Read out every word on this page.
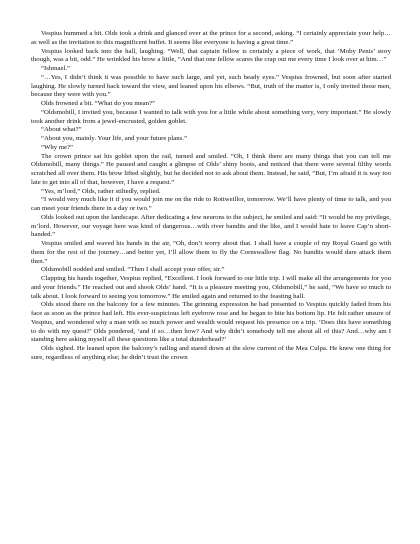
Vespius hummed a bit. Olds took a drink and glanced over at the prince for a second, asking. “I certainly appreciate your help…as well as the invitation to this magnificent buffet. It seems like everyone is having a great time.”

Vespius looked back into the hall, laughing. “Well, that captain fellow is certainly a piece of work, that ‘Moby Penis’ story though, was a bit, odd.” He wrinkled his brow a little, “And that one fellow scares the crap out me every time I look over at him…”

“Ishmael.”

“…Yes, I didn’t think it was possible to have such large, and yet, such beady eyes.” Vespius frowned, but soon after started laughing. He slowly turned back toward the view, and leaned upon his elbows. “But, truth of the matter is, I only invited those men, because they were with you.”

Olds frowned a bit. “What do you mean?”

“Oldsmobill, I invited you, because I wanted to talk with you for a little while about something very, very important.” He slowly took another drink from a jewel-encrusted, golden goblet.

“About what?”

“About you, mainly. Your life, and your future plans.”

“Why me?”

The crown prince sat his goblet upon the rail, turned and smiled. “Oh, I think there are many things that you can tell me Oldsmobill, many things.” He paused and caught a glimpse of Olds’ shiny boots, and noticed that there were several filthy words scratched all over them. His brow lifted slightly, but he decided not to ask about them. Instead, he said, “But, I’m afraid it is way too late to get into all of that, however, I have a request.”

“Yes, m’lord,” Olds, rather stiltedly, replied.

“I would very much like it if you would join me on the ride to Rottweillor, tomorrow. We’ll have plenty of time to talk, and you can meet your friends there in a day or two.”

Olds looked out upon the landscape. After dedicating a few neurons to the subject, he smiled and said: “It would be my privilege, m’lord. However, our voyage here was kind of dangerous…with river bandits and the like, and I would hate to leave Cap’n short-handed.”

Vespius smiled and waved his hands in the air, “Oh, don’t worry about that. I shall have a couple of my Royal Guard go with them for the rest of the journey…and better yet, I’ll allow them to fly the Cornswallow flag. No bandits would dare attack them then.”

Oldsmobill nodded and smiled. “Then I shall accept your offer, sir.”

Clapping his hands together, Vespius replied, “Excellent. I look forward to our little trip. I will make all the arrangements for you and your friends.” He reached out and shook Olds’ hand. “It is a pleasure meeting you, Oldsmobill,” he said, “We have so much to talk about. I look forward to seeing you tomorrow.” He smiled again and returned to the feasting hall.

Olds stood there on the balcony for a few minutes. The grinning expression he had presented to Vespius quickly faded from his face as soon as the prince had left. His ever-suspicious left eyebrow rose and he began to bite his bottom lip. He felt rather unsure of Vespius, and wondered why a man with so much power and wealth would request his presence on a trip. ‘Does this have something to do with my quest?’ Olds pondered, ‘and if so…then how? And why didn’t somebody tell me about all of this? And…why am I standing here asking myself all these questions like a total dunderhead?’

Olds sighed. He leaned upon the balcony’s railing and stared down at the slow current of the Mea Culpa. He knew one thing for sure, regardless of anything else; he didn’t trust the crown
